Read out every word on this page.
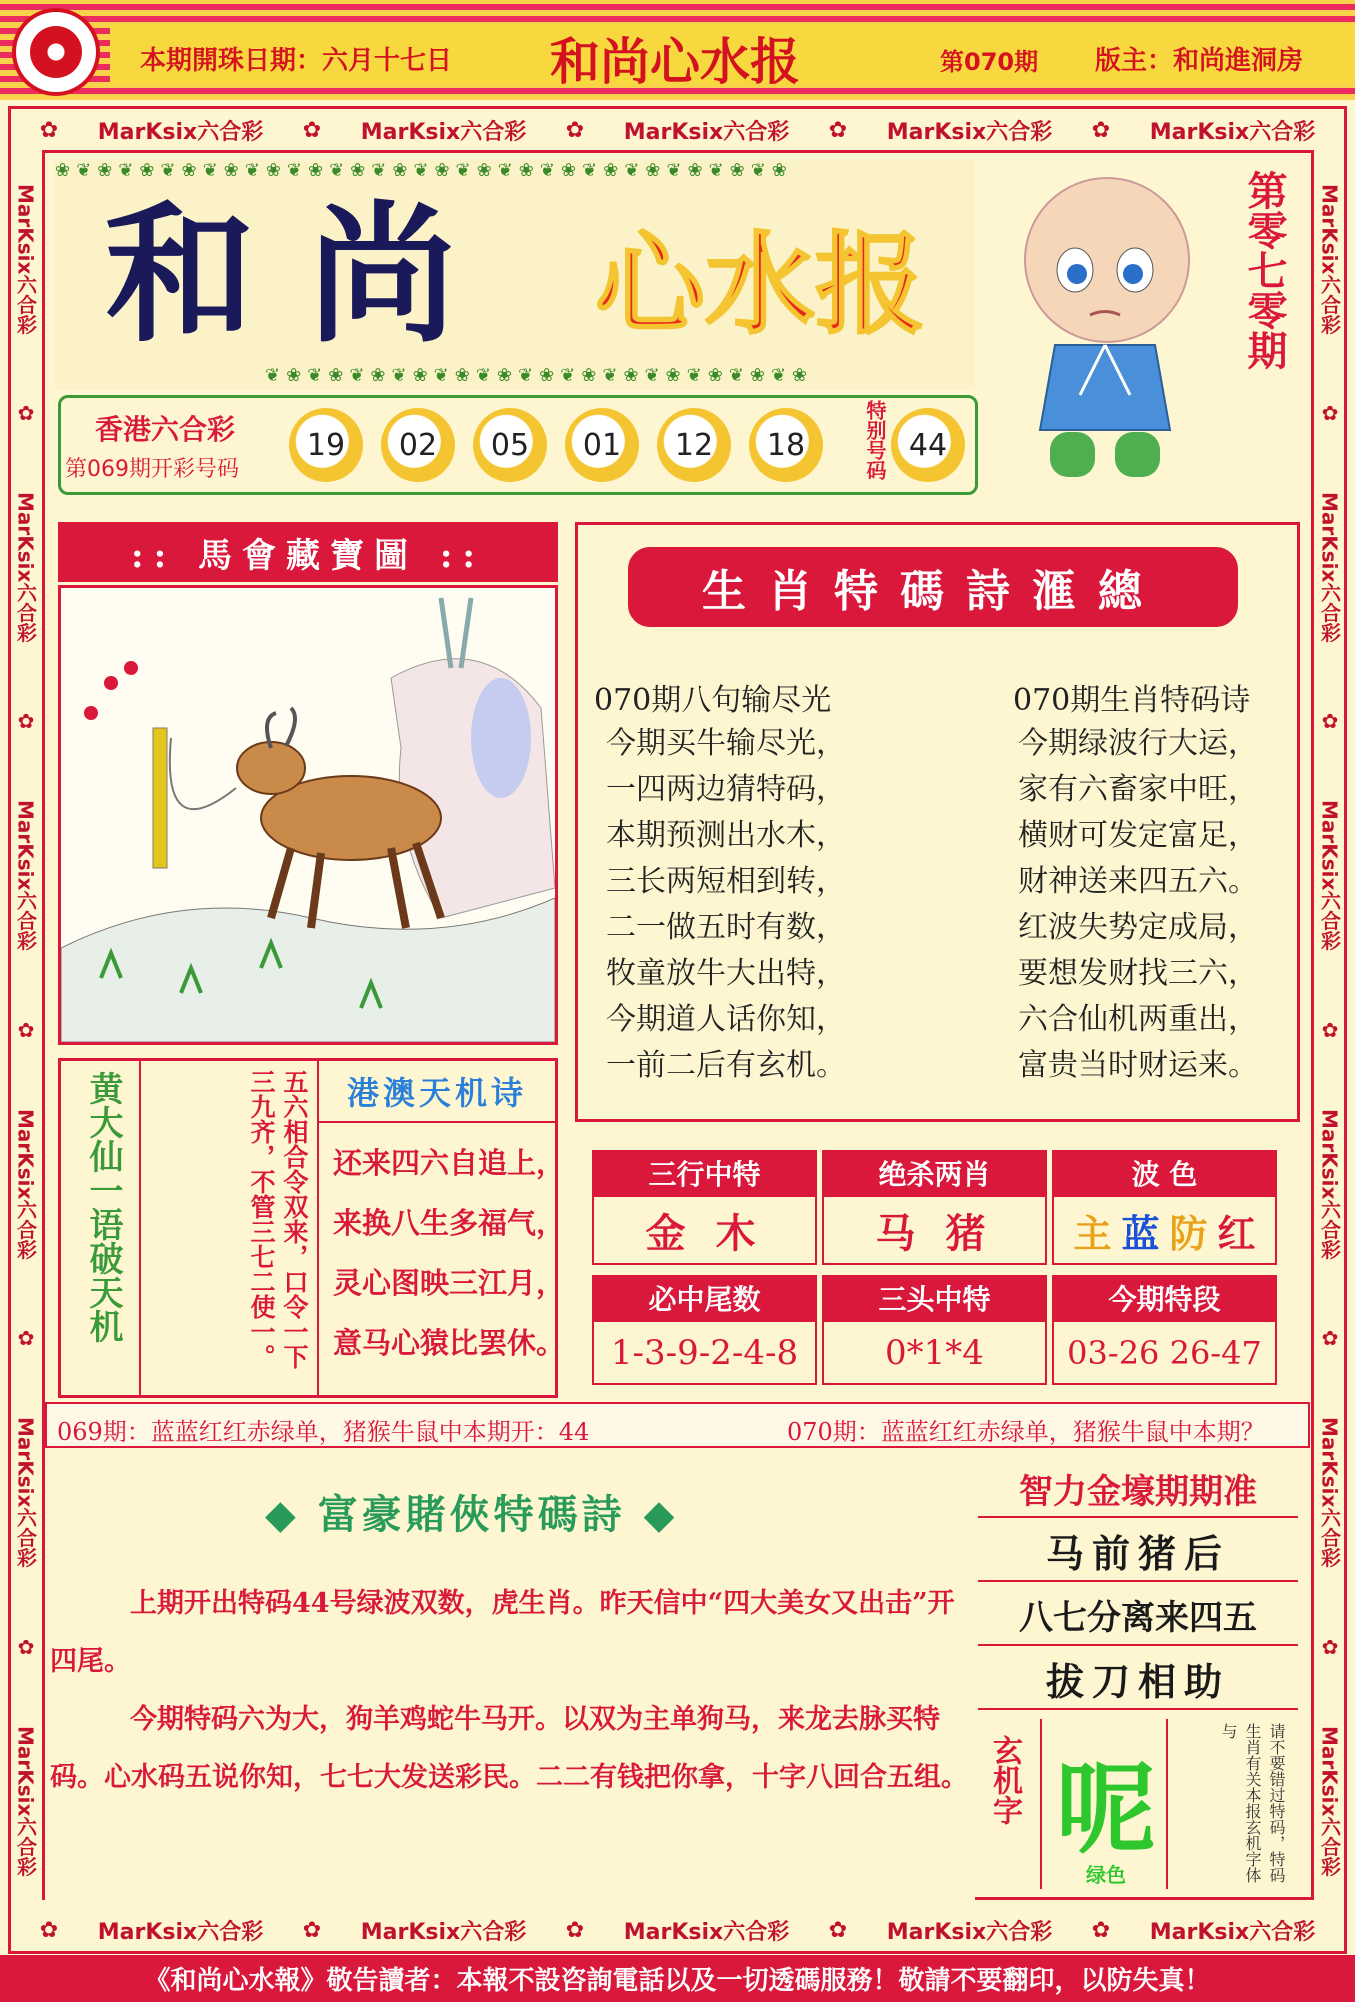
本期開珠日期：六月十七日 和尚心水报	第070期 版主：和尚進洞房
✿ MarKsix六合彩 ✿ MarKsix六合彩 ✿ MarKsix六合彩 ✿ MarKsix六合彩 ✿ MarKsix六合彩
✿ MarKsix六合彩 ✿ MarKsix六合彩 ✿ MarKsix六合彩 ✿ MarKsix六合彩 ✿ MarKsix六合彩
MarKsix六合彩
✿
MarKsix六合彩
✿
MarKsix六合彩
✿
MarKsix六合彩
✿
MarKsix六合彩
✿
MarKsix六合彩
MarKsix六合彩
✿
MarKsix六合彩
✿
MarKsix六合彩
✿
MarKsix六合彩
✿
MarKsix六合彩
✿
MarKsix六合彩
❀❦❀❦❀❦❀❦❀❦❀❦❀❦❀❦❀❦❀❦❀❦❀❦❀❦❀❦❀❦❀❦❀❦❀
和 尚 心水报
❦❀❦❀❦❀❦❀❦❀❦❀❦❀❦❀❦❀❦❀❦❀❦❀❦❀
第零七零期
香港六合彩
第069期开彩号码
19	02	05	01	12	18	特别号码 44
:: 馬會藏寶圖 ::
生肖特碼詩滙總
070期八句输尽光
今期买牛输尽光，
一四两边猜特码，
本期预测出水木，
三长两短相到转，
二一做五时有数，
牧童放牛大出特，
今期道人话你知，
一前二后有玄机。
070期生肖特码诗
今期绿波行大运，
家有六畜家中旺，
横财可发定富足，
财神送来四五六。
红波失势定成局，
要想发财找三六，
六合仙机两重出，
富贵当时财运来。
黄大仙一语破天机	五六相合令双来，口令一下三九齐，不管三七二使一。	港澳天机诗
还来四六自追上，
来换八生多福气，
灵心图映三江月，
意马心猿比罢休。
三行中特	绝杀两肖	波 色
金 木	马 猪	主 蓝 防 红
必中尾数	三头中特	今期特段
1-3-9-2-4-8	0*1*4	03-26 26-47
069期：蓝蓝红红赤绿单，猪猴牛鼠中本期开：44	070期：蓝蓝红红赤绿单，猪猴牛鼠中本期？
◆ 富豪賭俠特碼詩 ◆
上期开出特码44号绿波双数，虎生肖。昨天信中“四大美女又出击”开四尾。
今期特码六为大，狗羊鸡蛇牛马开。以双为主单狗马，来龙去脉买特码。心水码五说你知，七七大发送彩民。二二有钱把你拿，十字八回合五组。
智力金壕期期准
马前猪后
八七分离来四五
拔刀相助
玄机字 呢
绿色	请不要错过特码，特码生肖有关本报玄机字体与
《和尚心水報》敬告讀者：本報不設咨詢電話以及一切透碼服務！敬請不要翻印，以防失真！
